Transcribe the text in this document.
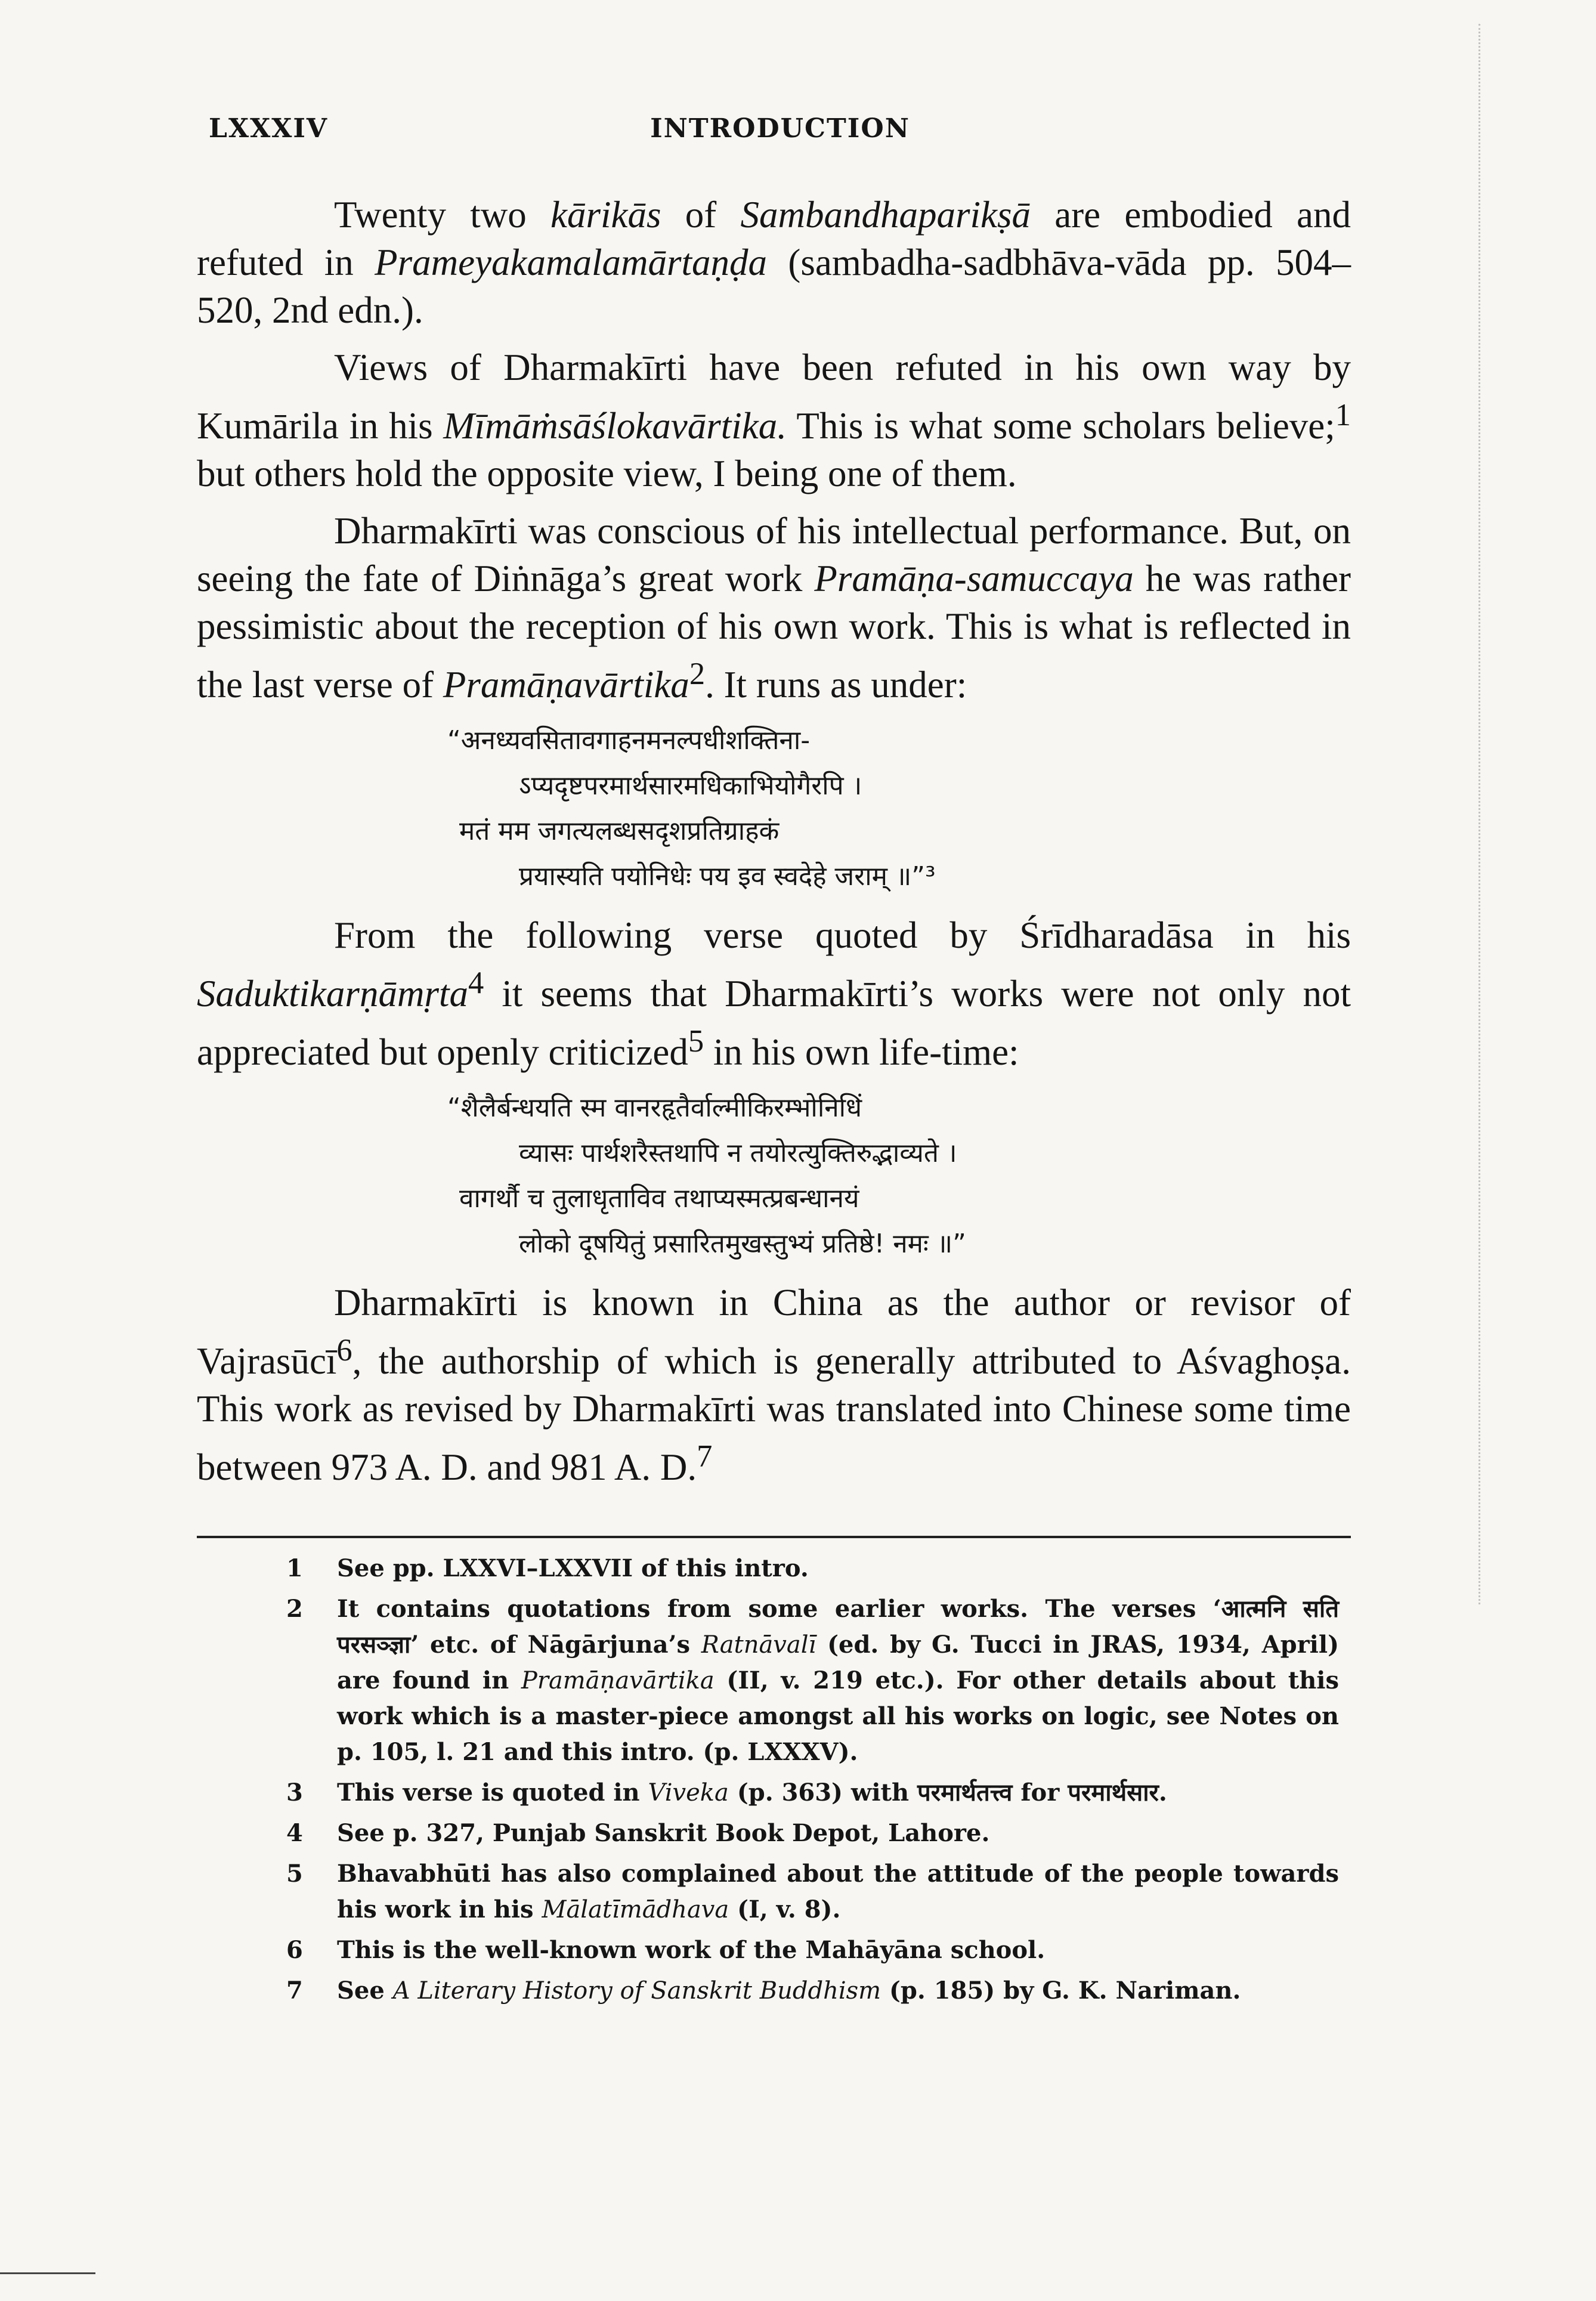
LXXXIV	INTRODUCTION

Twenty two kārikās of Sambandhaparikṣā are embodied and refuted in Prameyakamalamārtaṇḍa (sambadha-sadbhāva-vāda pp. 504–520, 2nd edn.).

Views of Dharmakīrti have been refuted in his own way by Kumārila in his Mīmāṁsāślokavārtika. This is what some scholars believe;$^1$ but others hold the opposite view, I being one of them.

Dharmakīrti was conscious of his intellectual performance. But, on seeing the fate of Diṅnāga’s great work Pramāṇa-samuccaya he was rather pessimistic about the reception of his own work. This is what is reflected in the last verse of Pramāṇavārtika$^2$. It runs as under:

“अनध्यवसितावगाहनमनल्पधीशक्तिना-
ऽप्यदृष्टपरमार्थसारमधिकाभियोगैरपि ।
मतं मम जगत्यलब्धसदृशप्रतिग्राहकं
प्रयास्यति पयोनिधेः पय इव स्वदेहे जराम् ॥”³

From the following verse quoted by Śrīdharadāsa in his Saduktikarṇāmṛta$^4$ it seems that Dharmakīrti’s works were not only not appreciated but openly criticized$^5$ in his own life-time:

“शैलैर्बन्धयति स्म वानरहृतैर्वाल्मीकिरम्भोनिधिं
व्यासः पार्थशरैस्तथापि न तयोरत्युक्तिरुद्भाव्यते ।
वागर्थौ च तुलाधृताविव तथाप्यस्मत्प्रबन्धानयं
लोको दूषयितुं प्रसारितमुखस्तुभ्यं प्रतिष्ठे! नमः ॥”

Dharmakīrti is known in China as the author or revisor of Vajrasūcī$^6$, the authorship of which is generally attributed to Aśvaghoṣa. This work as revised by Dharmakīrti was translated into Chinese some time between 973 A. D. and 981 A. D.$^7$

1	See pp. LXXVI–LXXVII of this intro.
2	It contains quotations from some earlier works. The verses ‘आत्मनि सति परसञ्ज्ञा’ etc. of Nāgārjuna’s Ratnāvalī (ed. by G. Tucci in JRAS, 1934, April) are found in Pramāṇavārtika (II, v. 219 etc.). For other details about this work which is a master-piece amongst all his works on logic, see Notes on p. 105, l. 21 and this intro. (p. LXXXV).
3	This verse is quoted in Viveka (p. 363) with परमार्थतत्त्व for परमार्थसार.
4	See p. 327, Punjab Sanskrit Book Depot, Lahore.
5	Bhavabhūti has also complained about the attitude of the people towards his work in his Mālatīmādhava (I, v. 8).
6	This is the well-known work of the Mahāyāna school.
7	See A Literary History of Sanskrit Buddhism (p. 185) by G. K. Nariman.
